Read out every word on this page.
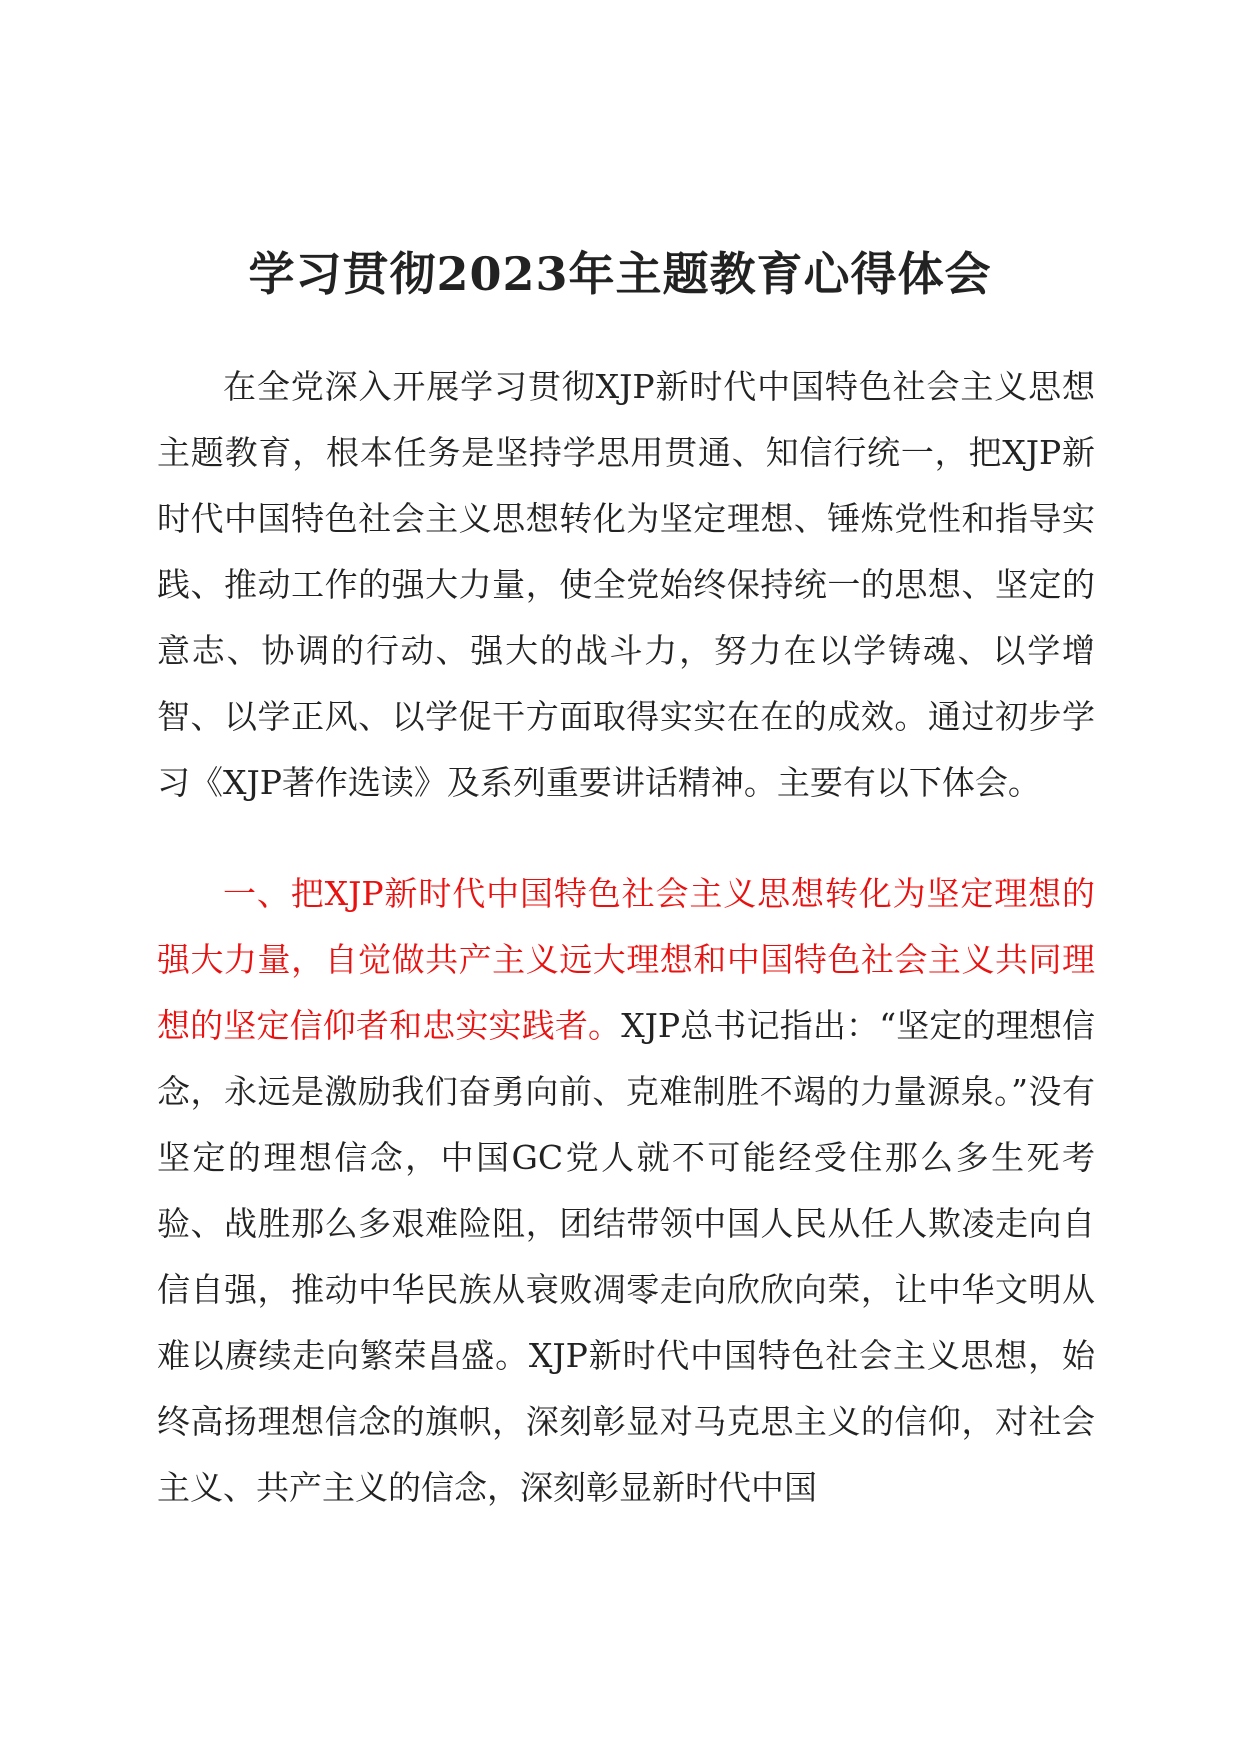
学习贯彻2023年主题教育心得体会

在全党深入开展学习贯彻XJP新时代中国特色社会主义思想主题教育，根本任务是坚持学思用贯通、知信行统一，把XJP新时代中国特色社会主义思想转化为坚定理想、锤炼党性和指导实践、推动工作的强大力量，使全党始终保持统一的思想、坚定的意志、协调的行动、强大的战斗力，努力在以学铸魂、以学增智、以学正风、以学促干方面取得实实在在的成效。通过初步学习《XJP著作选读》及系列重要讲话精神。主要有以下体会。

一、把XJP新时代中国特色社会主义思想转化为坚定理想的强大力量，自觉做共产主义远大理想和中国特色社会主义共同理想的坚定信仰者和忠实实践者。XJP总书记指出：“坚定的理想信念，永远是激励我们奋勇向前、克难制胜不竭的力量源泉。”没有坚定的理想信念，中国GC党人就不可能经受住那么多生死考验、战胜那么多艰难险阻，团结带领中国人民从任人欺凌走向自信自强，推动中华民族从衰败凋零走向欣欣向荣，让中华文明从难以赓续走向繁荣昌盛。XJP新时代中国特色社会主义思想，始终高扬理想信念的旗帜，深刻彰显对马克思主义的信仰，对社会主义、共产主义的信念，深刻彰显新时代中国
